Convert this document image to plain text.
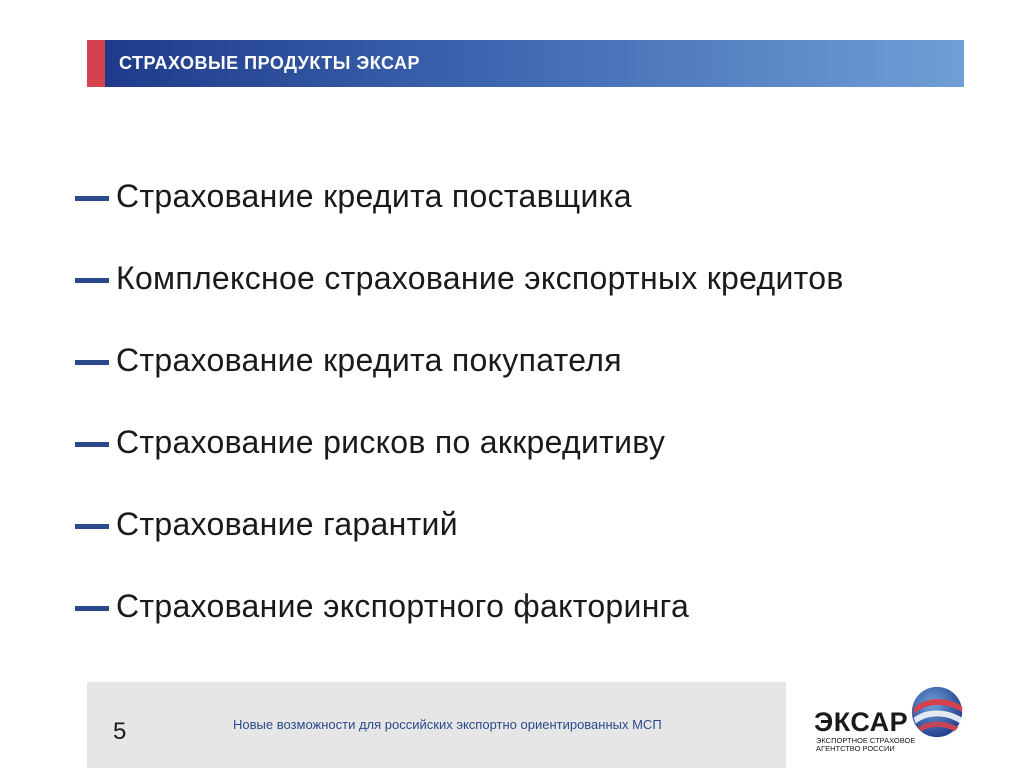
СТРАХОВЫЕ ПРОДУКТЫ ЭКСАР
Страхование кредита поставщика
Комплексное страхование экспортных кредитов
Страхование кредита покупателя
Страхование рисков по аккредитиву
Страхование гарантий
Страхование экспортного факторинга
5	Новые возможности для российских экспортно ориентированных МСП	ЭКСАР
ЭКСПОРТНОЕ СТРАХОВОЕ
АГЕНТСТВО РОССИИ
